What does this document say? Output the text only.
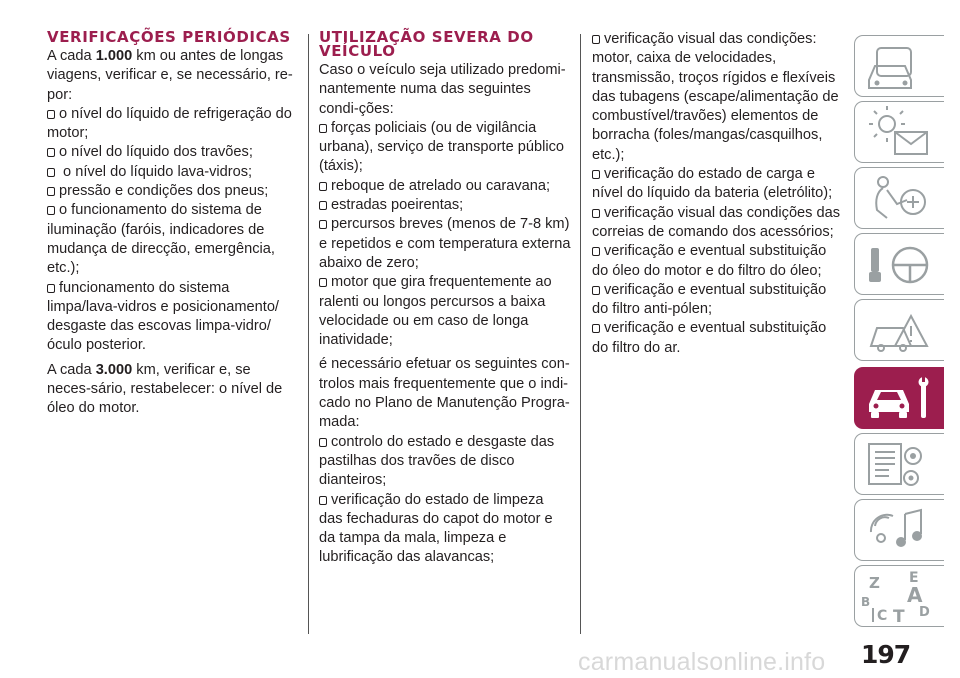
VERIFICAÇÕES PERIÓDICAS

A cada 1.000 km ou antes de longas viagens, verificar e, se necessário, re-por:

o nível do líquido de refrigeração do motor;

o nível do líquido dos travões;

o nível do líquido lava-vidros;

pressão e condições dos pneus;

o funcionamento do sistema de iluminação (faróis, indicadores de mudança de direcção, emergência, etc.);

funcionamento do sistema limpa/lava-vidros e posicionamento/ desgaste das escovas limpa-vidro/ óculo posterior.

A cada 3.000 km, verificar e, se neces-sário, restabelecer: o nível de óleo do motor.

UTILIZAÇÃO SEVERA DO VEÍCULO

Caso o veículo seja utilizado predomi-nantemente numa das seguintes condi-ções:

forças policiais (ou de vigilância urbana), serviço de transporte público (táxis);

reboque de atrelado ou caravana;

estradas poeirentas;

percursos breves (menos de 7-8 km) e repetidos e com temperatura externa abaixo de zero;

motor que gira frequentemente ao ralenti ou longos percursos a baixa velocidade ou em caso de longa inatividade;

é necessário efetuar os seguintes con-trolos mais frequentemente que o indi-cado no Plano de Manutenção Progra-mada:

controlo do estado e desgaste das pastilhas dos travões de disco dianteiros;

verificação do estado de limpeza das fechaduras do capot do motor e da tampa da mala, limpeza e lubrificação das alavancas;

verificação visual das condições: motor, caixa de velocidades, transmissão, troços rígidos e flexíveis das tubagens (escape/alimentação de combustível/travões) elementos de borracha (foles/mangas/casquilhos, etc.);

verificação do estado de carga e nível do líquido da bateria (eletrólito);

verificação visual das condições das correias de comando dos acessórios;

verificação e eventual substituição do óleo do motor e do filtro do óleo;

verificação e eventual substituição do filtro anti-pólen;

verificação e eventual substituição do filtro do ar.

Z E
B A
C T D
197
carmanualsonline.info
